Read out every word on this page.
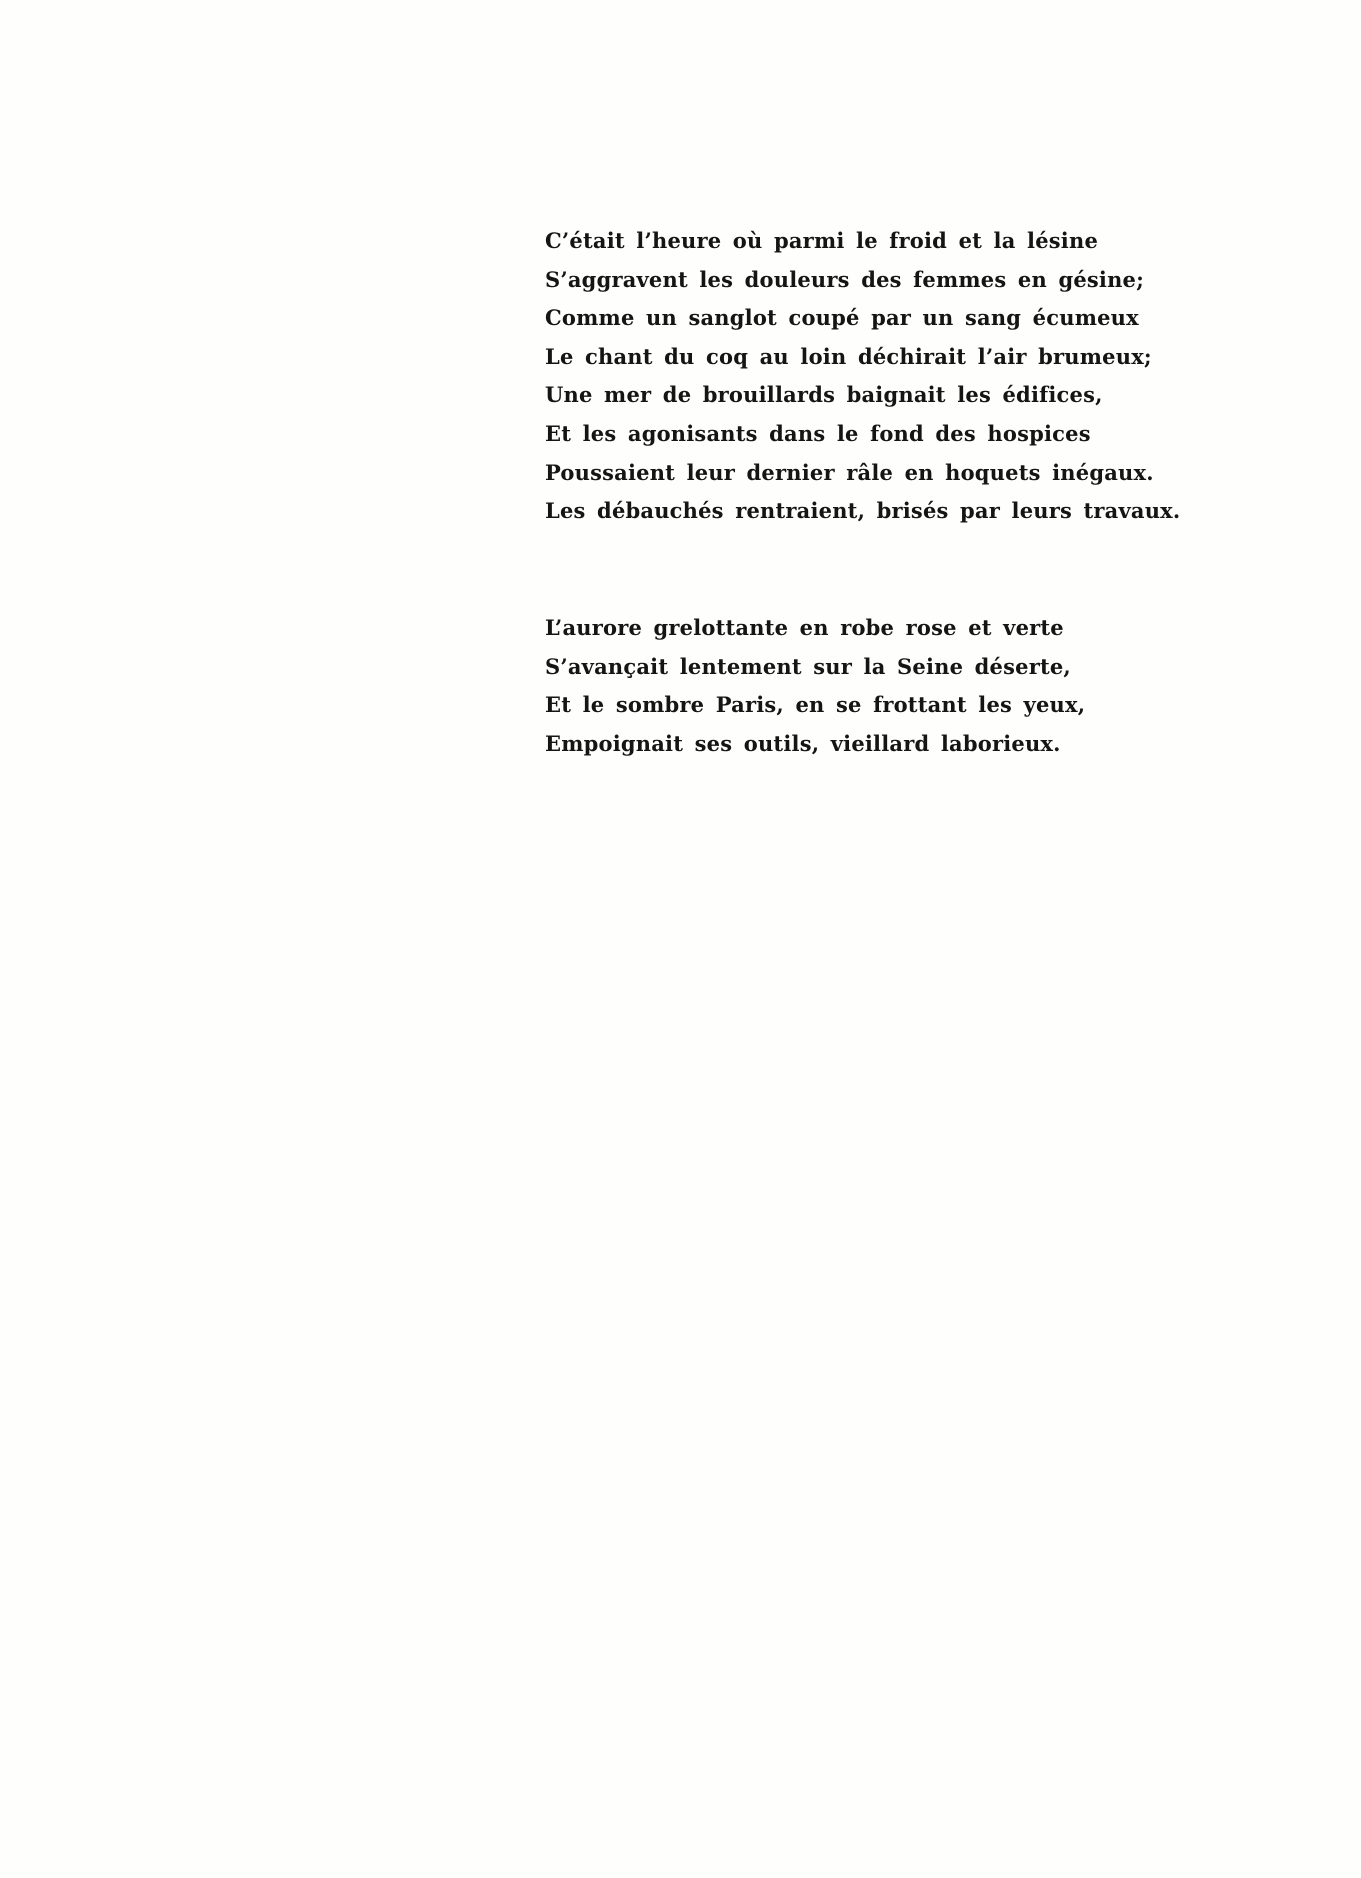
C’était l’heure où parmi le froid et la lésine
S’aggravent les douleurs des femmes en gésine;
Comme un sanglot coupé par un sang écumeux
Le chant du coq au loin déchirait l’air brumeux;
Une mer de brouillards baignait les édifices,
Et les agonisants dans le fond des hospices
Poussaient leur dernier râle en hoquets inégaux.
Les débauchés rentraient, brisés par leurs travaux.
L’aurore grelottante en robe rose et verte
S’avançait lentement sur la Seine déserte,
Et le sombre Paris, en se frottant les yeux,
Empoignait ses outils, vieillard laborieux.
